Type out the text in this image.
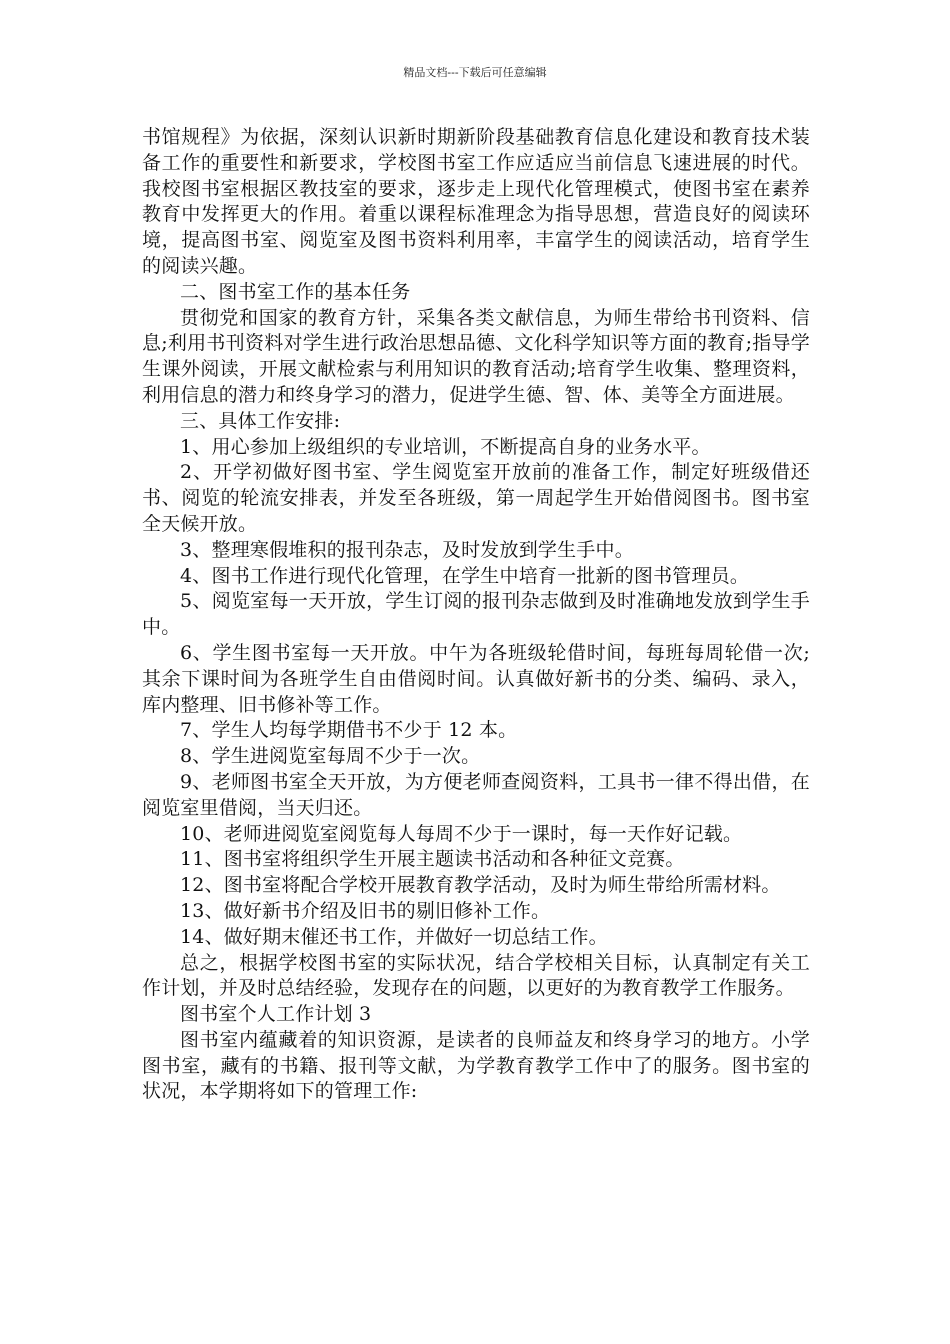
精品文档---下载后可任意编辑

书馆规程》为依据，深刻认识新时期新阶段基础教育信息化建设和教育技术装备工作的重要性和新要求，学校图书室工作应适应当前信息飞速进展的时代。我校图书室根据区教技室的要求，逐步走上现代化管理模式，使图书室在素养教育中发挥更大的作用。着重以课程标准理念为指导思想，营造良好的阅读环境，提高图书室、阅览室及图书资料利用率，丰富学生的阅读活动，培育学生的阅读兴趣。

二、图书室工作的基本任务

贯彻党和国家的教育方针，采集各类文献信息，为师生带给书刊资料、信息;利用书刊资料对学生进行政治思想品德、文化科学知识等方面的教育;指导学生课外阅读，开展文献检索与利用知识的教育活动;培育学生收集、整理资料，利用信息的潜力和终身学习的潜力，促进学生德、智、体、美等全方面进展。

三、具体工作安排:

1、用心参加上级组织的专业培训，不断提高自身的业务水平。

2、开学初做好图书室、学生阅览室开放前的准备工作，制定好班级借还书、阅览的轮流安排表，并发至各班级，第一周起学生开始借阅图书。图书室全天候开放。

3、整理寒假堆积的报刊杂志，及时发放到学生手中。

4、图书工作进行现代化管理，在学生中培育一批新的图书管理员。

5、阅览室每一天开放，学生订阅的报刊杂志做到及时准确地发放到学生手中。

6、学生图书室每一天开放。中午为各班级轮借时间，每班每周轮借一次;其余下课时间为各班学生自由借阅时间。认真做好新书的分类、编码、录入，库内整理、旧书修补等工作。

7、学生人均每学期借书不少于 12 本。

8、学生进阅览室每周不少于一次。

9、老师图书室全天开放，为方便老师查阅资料，工具书一律不得出借，在阅览室里借阅，当天归还。

10、老师进阅览室阅览每人每周不少于一课时，每一天作好记载。

11、图书室将组织学生开展主题读书活动和各种征文竞赛。

12、图书室将配合学校开展教育教学活动，及时为师生带给所需材料。

13、做好新书介绍及旧书的剔旧修补工作。

14、做好期末催还书工作，并做好一切总结工作。

总之，根据学校图书室的实际状况，结合学校相关目标，认真制定有关工作计划，并及时总结经验，发现存在的问题，以更好的为教育教学工作服务。

图书室个人工作计划 3

图书室内蕴藏着的知识资源，是读者的良师益友和终身学习的地方。小学图书室，藏有的书籍、报刊等文献，为学教育教学工作中了的服务。图书室的状况，本学期将如下的管理工作:
